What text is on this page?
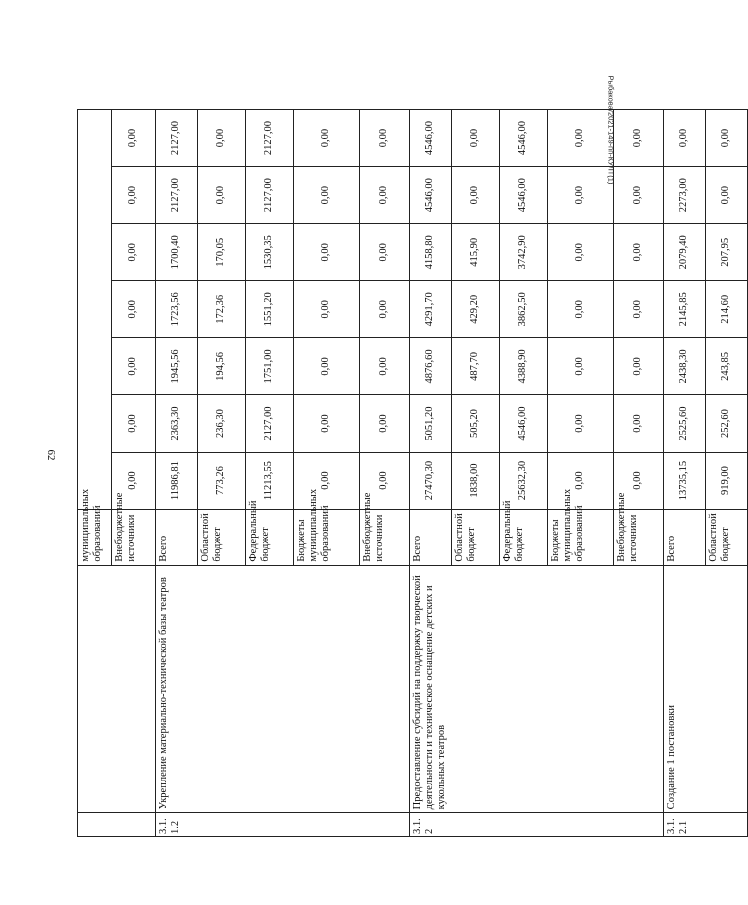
62
Рыбакова/2021-149-пп-КУЛТ(1)
		муниципальных образований							
		Внебюджетные источники	0,00	0,00	0,00	0,00	0,00	0,00	0,00
3.1.1.2	Укрепление материально-технической базы театров	Всего	11986,81	2363,30	1945,56	1723,56	1700,40	2127,00	2127,00
		Областной бюджет	773,26	236,30	194,56	172,36	170,05	0,00	0,00
		Федеральный бюджет	11213,55	2127,00	1751,00	1551,20	1530,35	2127,00	2127,00
		Бюджеты муниципальных образований	0,00	0,00	0,00	0,00	0,00	0,00	0,00
		Внебюджетные источники	0,00	0,00	0,00	0,00	0,00	0,00	0,00
3.1.2	Предоставление субсидий на поддержку творческой деятельности и техническое оснащение детских и кукольных театров	Всего	27470,30	5051,20	4876,60	4291,70	4158,80	4546,00	4546,00
		Областной бюджет	1838,00	505,20	487,70	429,20	415,90	0,00	0,00
		Федеральный бюджет	25632,30	4546,00	4388,90	3862,50	3742,90	4546,00	4546,00
		Бюджеты муниципальных образований	0,00	0,00	0,00	0,00	0,00	0,00	0,00
		Внебюджетные источники	0,00	0,00	0,00	0,00	0,00	0,00	0,00
3.1.2.1	Создание 1 постановки	Всего	13735,15	2525,60	2438,30	2145,85	2079,40	2273,00	0,00
		Областной бюджет	919,00	252,60	243,85	214,60	207,95	0,00	0,00
